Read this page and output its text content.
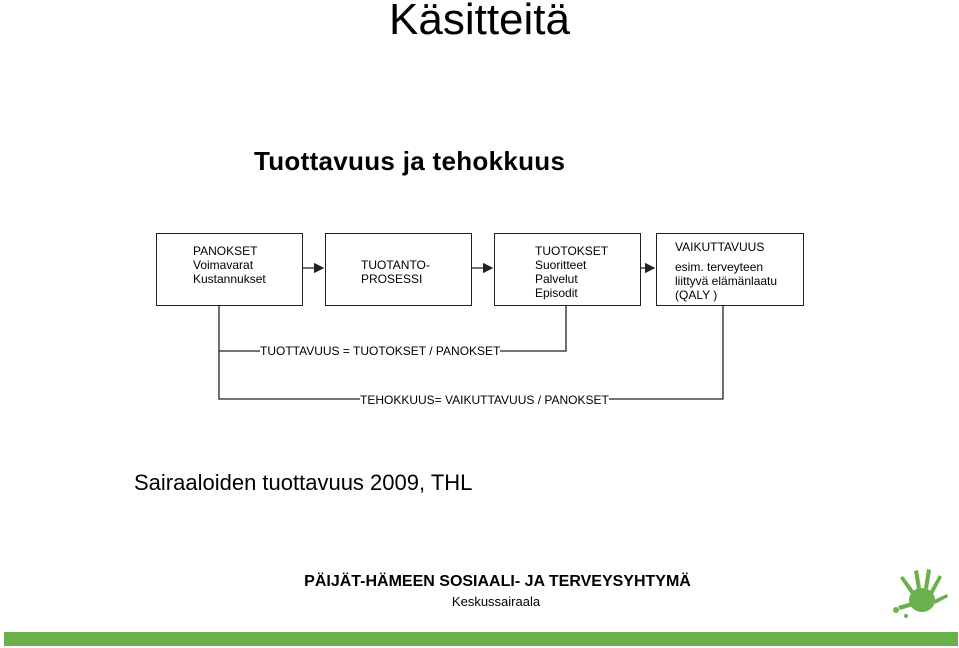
Käsitteitä
Tuottavuus ja tehokkuus
PANOKSET
Voimavarat
Kustannukset
TUOTANTO-
PROSESSI
TUOTOKSET
Suoritteet
Palvelut
Episodit
VAIKUTTAVUUS
esim. terveyteen
liittyvä elämänlaatu
(QALY )
TUOTTAVUUS = TUOTOKSET / PANOKSET
TEHOKKUUS= VAIKUTTAVUUS / PANOKSET
Sairaaloiden tuottavuus 2009, THL
PÄIJÄT-HÄMEEN SOSIAALI- JA TERVEYSYHTYMÄ
Keskussairaala
